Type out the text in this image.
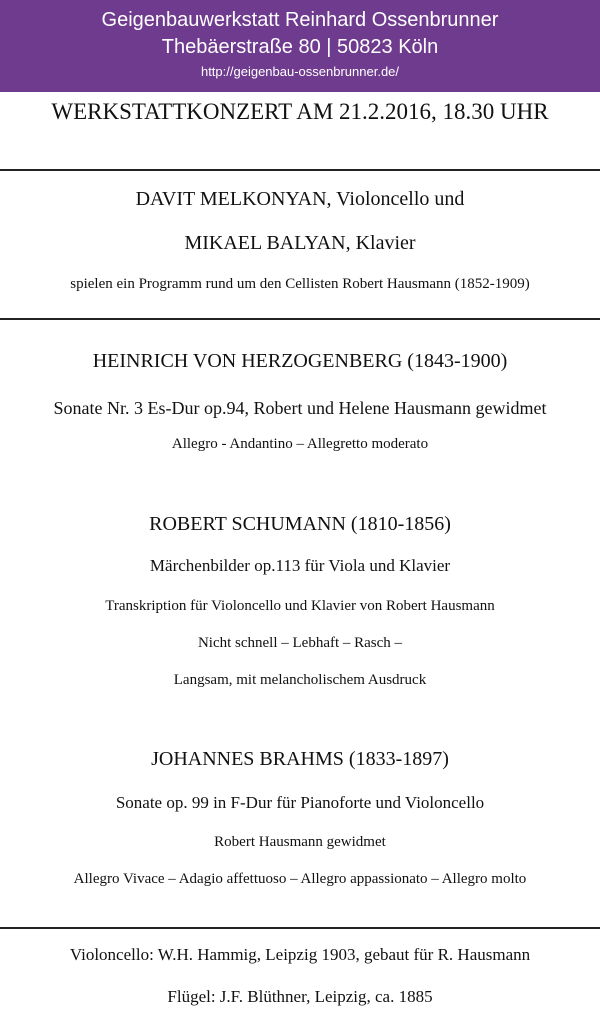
Geigenbauwerkstatt Reinhard Ossenbrunner
Thebäerstraße 80 | 50823 Köln
http://geigenbau-ossenbrunner.de/
WERKSTATTKONZERT AM 21.2.2016, 18.30 UHR
DAVIT MELKONYAN, Violoncello und
MIKAEL BALYAN, Klavier
spielen ein Programm rund um den Cellisten Robert Hausmann (1852-1909)
HEINRICH VON HERZOGENBERG (1843-1900)
Sonate Nr. 3 Es-Dur op.94, Robert und Helene Hausmann gewidmet
Allegro - Andantino – Allegretto moderato
ROBERT SCHUMANN (1810-1856)
Märchenbilder op.113 für Viola und Klavier
Transkription für Violoncello und Klavier von Robert Hausmann
Nicht schnell – Lebhaft – Rasch –
Langsam, mit melancholischem Ausdruck
JOHANNES BRAHMS (1833-1897)
Sonate op. 99 in F-Dur für Pianoforte und Violoncello
Robert Hausmann gewidmet
Allegro Vivace – Adagio affettuoso – Allegro appassionato – Allegro molto
Violoncello: W.H. Hammig, Leipzig 1903, gebaut für R. Hausmann
Flügel: J.F. Blüthner, Leipzig, ca. 1885
